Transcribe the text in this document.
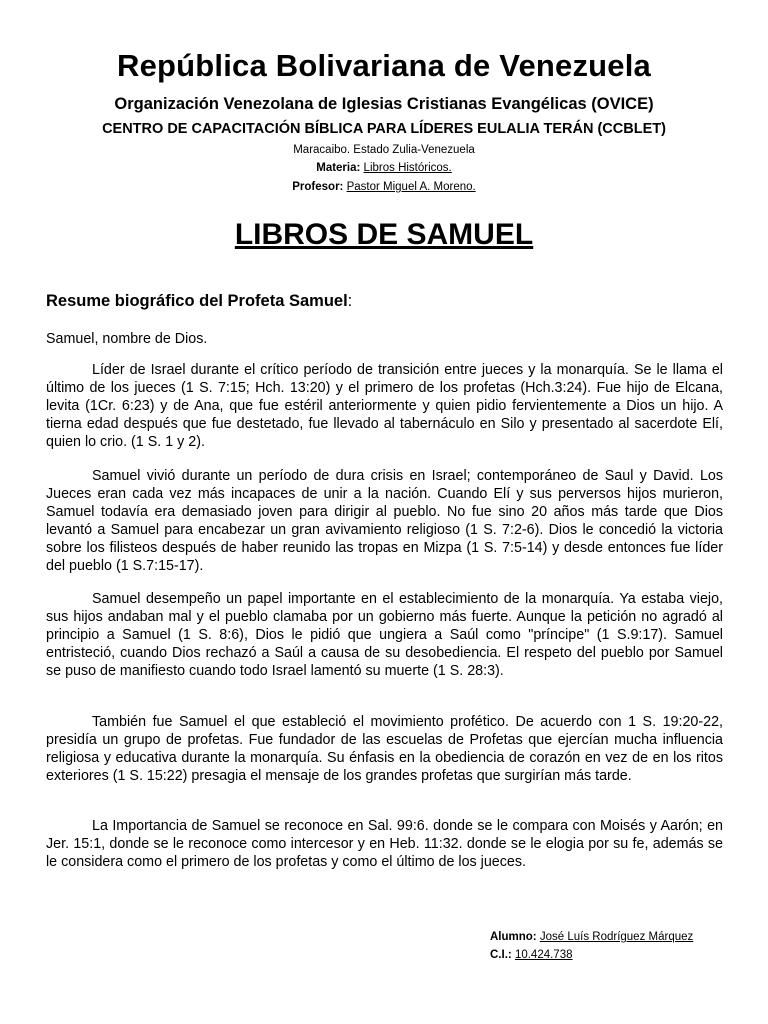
República Bolivariana de Venezuela
Organización Venezolana de Iglesias Cristianas Evangélicas (OVICE)
CENTRO DE CAPACITACIÓN BÍBLICA PARA LÍDERES EULALIA TERÁN (CCBLET)
Maracaibo. Estado Zulia-Venezuela
Materia: Libros Históricos.
Profesor: Pastor Miguel A. Moreno.
LIBROS DE SAMUEL
Resume biográfico del Profeta Samuel:
Samuel, nombre de Dios.

Líder de Israel durante el crítico período de transición entre jueces y la monarquía. Se le llama el último de los jueces (1 S. 7:15; Hch. 13:20) y el primero de los profetas (Hch.3:24). Fue hijo de Elcana, levita (1Cr. 6:23) y de Ana, que fue estéril anteriormente y quien pidio fervientemente a Dios un hijo. A tierna edad después que fue destetado, fue llevado al tabernáculo en Silo y presentado al sacerdote Elí, quien lo crio. (1 S. 1 y 2).

Samuel vivió durante un período de dura crisis en Israel; contemporáneo de Saul y David. Los Jueces eran cada vez más incapaces de unir a la nación. Cuando Elí y sus perversos hijos murieron, Samuel todavía era demasiado joven para dirigir al pueblo. No fue sino 20 años más tarde que Dios levantó a Samuel para encabezar un gran avivamiento religioso (1 S. 7:2-6). Dios le concedió la victoria sobre los filisteos después de haber reunido las tropas en Mizpa (1 S. 7:5-14) y desde entonces fue líder del pueblo (1 S.7:15-17).

Samuel desempeño un papel importante en el establecimiento de la monarquía. Ya estaba viejo, sus hijos andaban mal y el pueblo clamaba por un gobierno más fuerte. Aunque la petición no agradó al principio a Samuel (1 S. 8:6), Dios le pidió que ungiera a Saúl como "príncipe" (1 S.9:17). Samuel entristeció, cuando Dios rechazó a Saúl a causa de su desobediencia. El respeto del pueblo por Samuel se puso de manifiesto cuando todo Israel lamentó su muerte (1 S. 28:3).

También fue Samuel el que estableció el movimiento profético. De acuerdo con 1 S. 19:20-22, presidía un grupo de profetas. Fue fundador de las escuelas de Profetas que ejercían mucha influencia religiosa y educativa durante la monarquía. Su énfasis en la obediencia de corazón en vez de en los ritos exteriores (1 S. 15:22) presagia el mensaje de los grandes profetas que surgirían más tarde.

La Importancia de Samuel se reconoce en Sal. 99:6. donde se le compara con Moisés y Aarón; en Jer. 15:1, donde se le reconoce como intercesor y en Heb. 11:32. donde se le elogia por su fe, además se le considera como el primero de los profetas y como el último de los jueces.

Alumno: José Luís Rodríguez Márquez
C.I.: 10.424.738
